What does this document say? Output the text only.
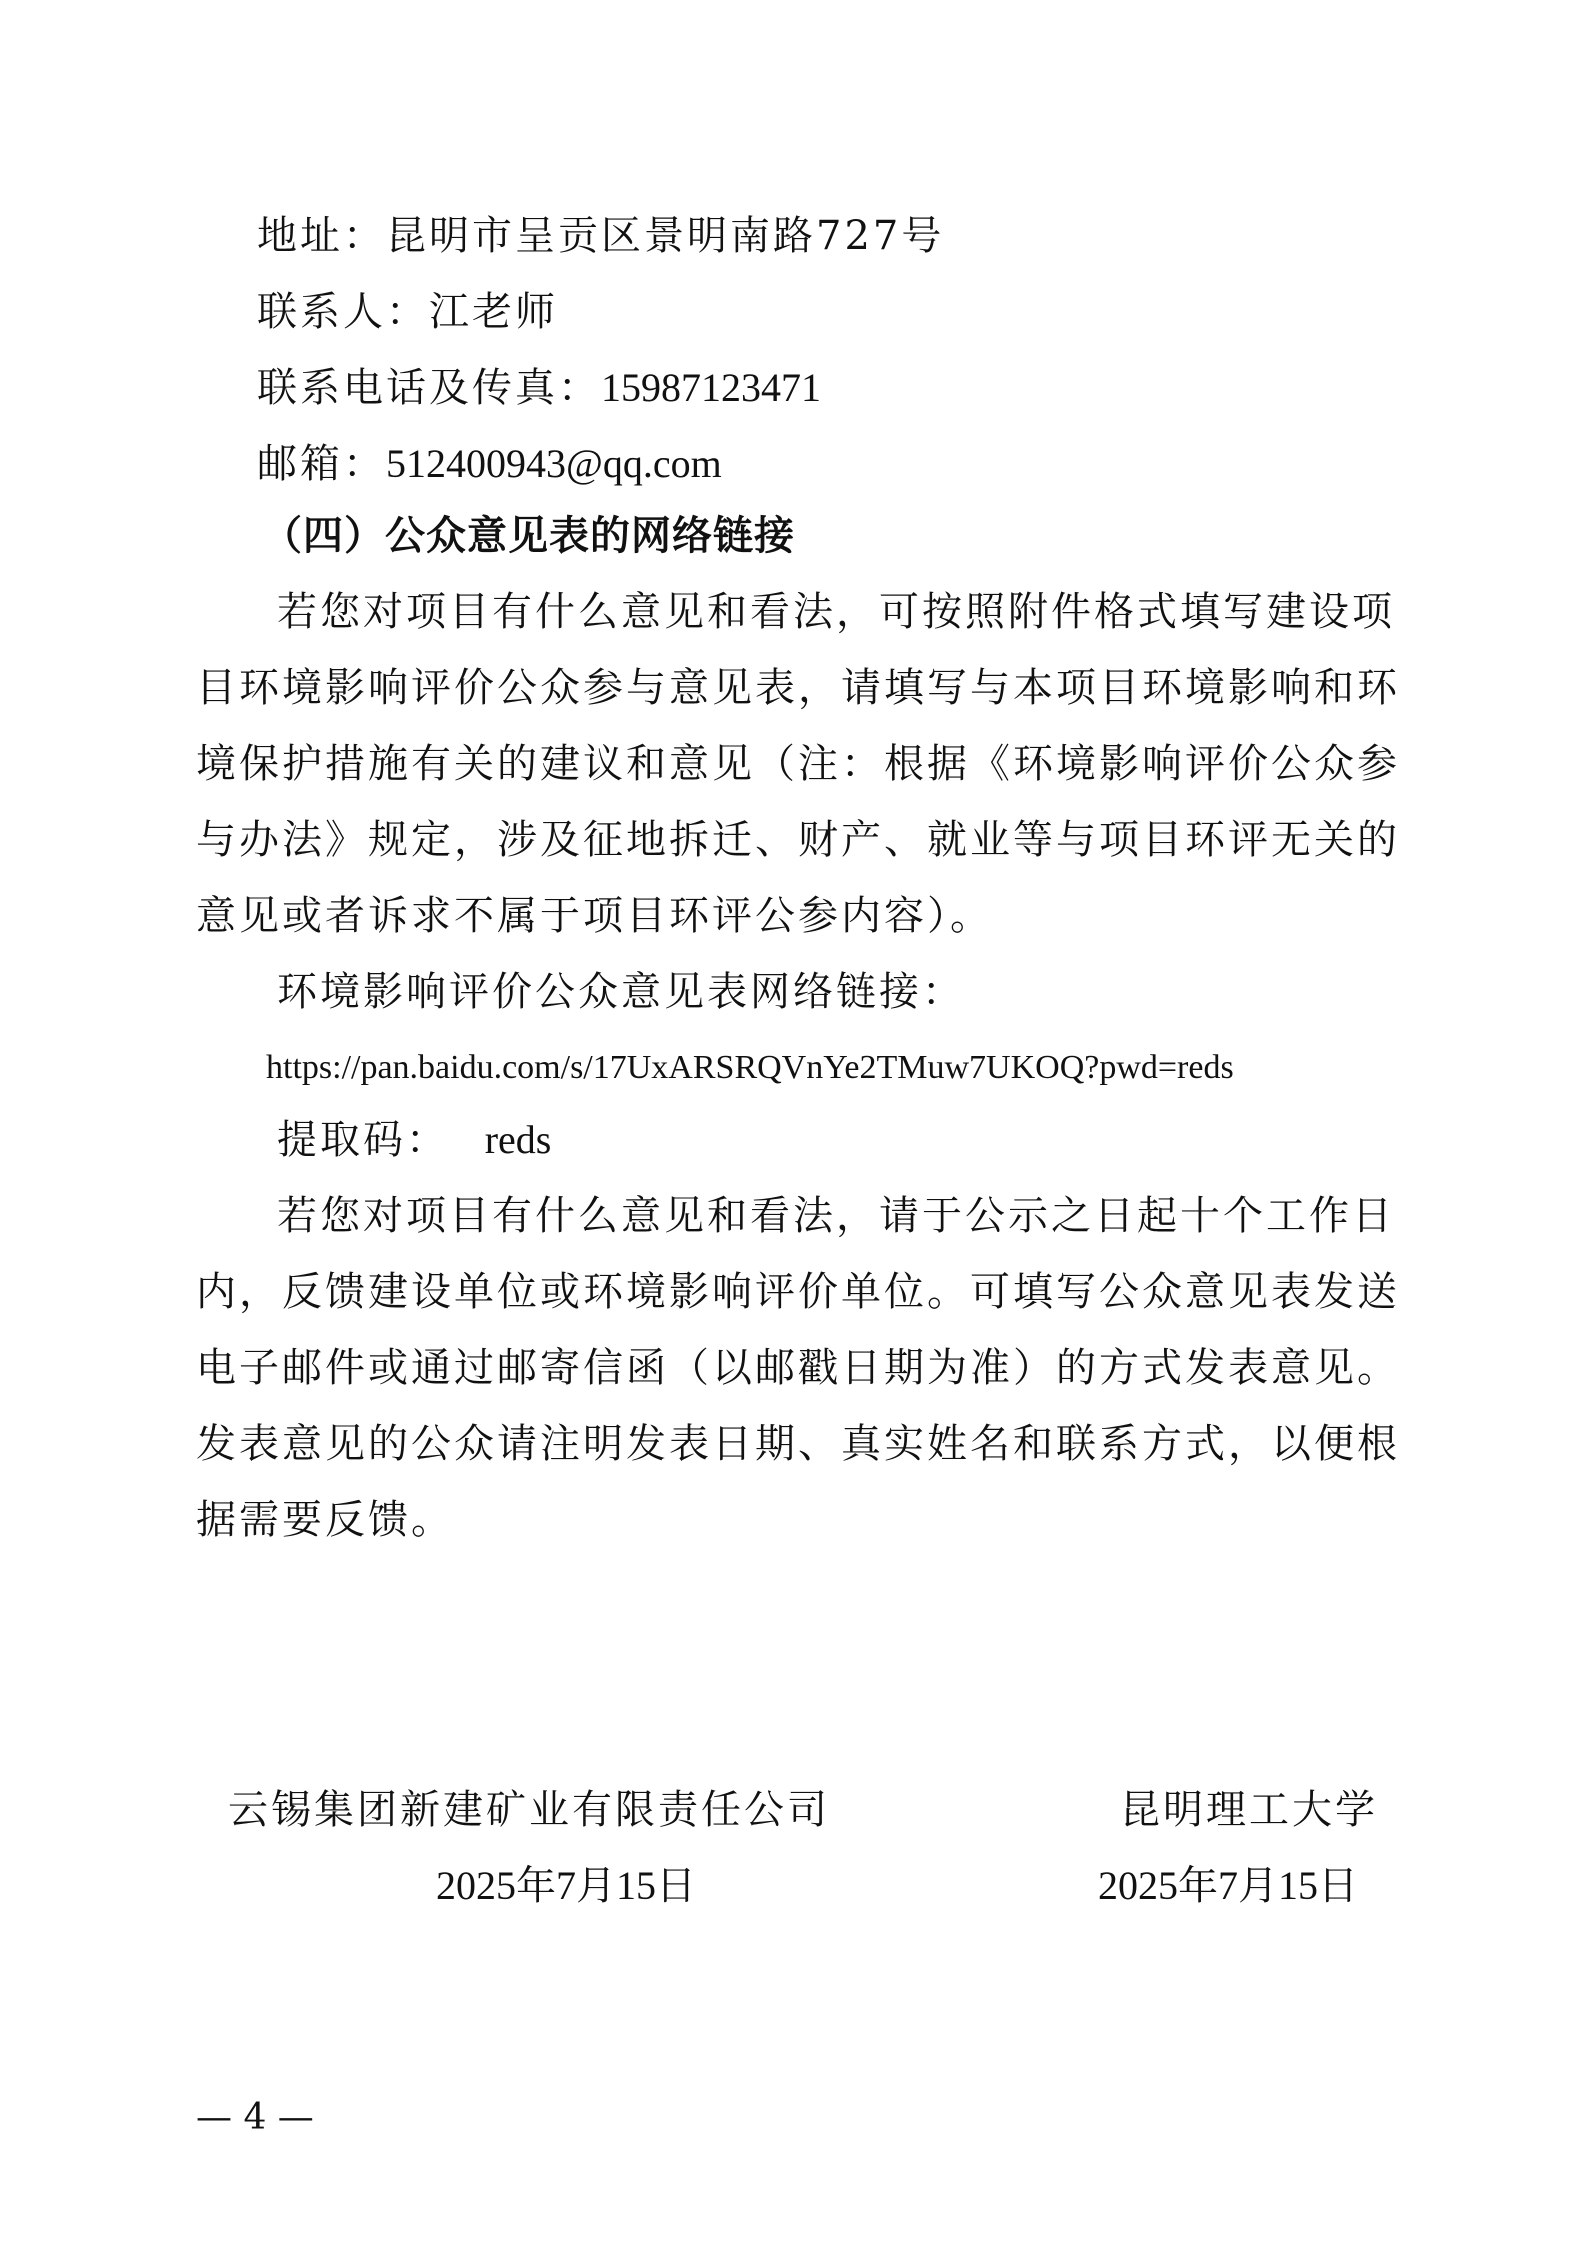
地址：昆明市呈贡区景明南路727号
联系人：江老师
联系电话及传真：15987123471
邮箱：512400943@qq.com
（四）公众意见表的网络链接
若您对项目有什么意见和看法，可按照附件格式填写建设项
目环境影响评价公众参与意见表，请填写与本项目环境影响和环
境保护措施有关的建议和意见（注：根据《环境影响评价公众参
与办法》规定，涉及征地拆迁、财产、就业等与项目环评无关的
意见或者诉求不属于项目环评公参内容）。
环境影响评价公众意见表网络链接：
https://pan.baidu.com/s/17UxARSRQVnYe2TMuw7UKOQ?pwd=reds
提取码： reds
若您对项目有什么意见和看法，请于公示之日起十个工作日
内，反馈建设单位或环境影响评价单位。可填写公众意见表发送
电子邮件或通过邮寄信函（以邮戳日期为准）的方式发表意见。
发表意见的公众请注明发表日期、真实姓名和联系方式，以便根
据需要反馈。
云锡集团新建矿业有限责任公司
2025年7月15日
昆明理工大学
2025年7月15日
— 4 —
